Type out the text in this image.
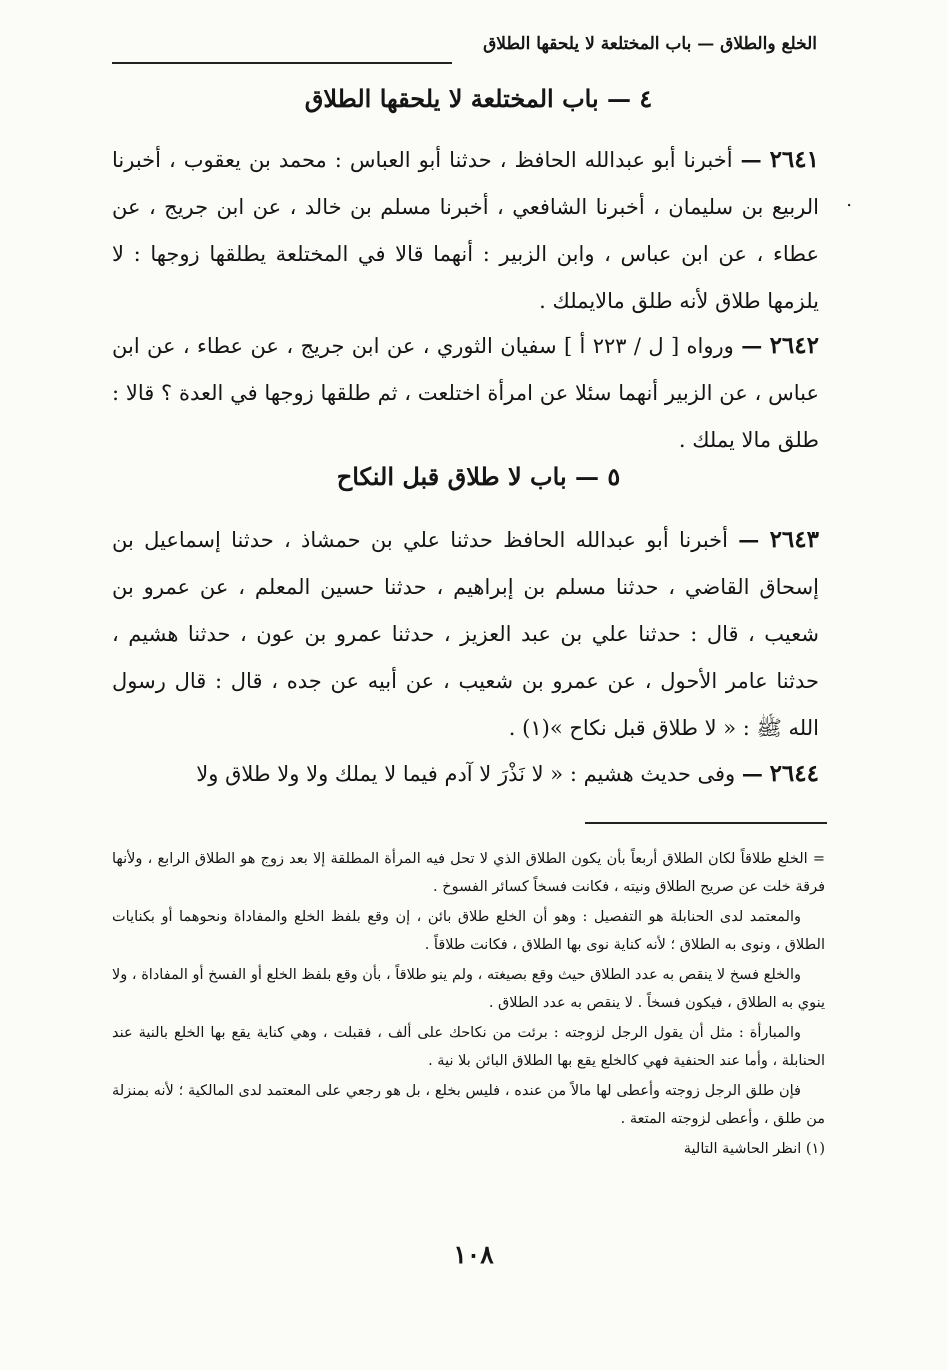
الخلع والطلاق — باب المختلعة لا يلحقها الطلاق
.
٤ — باب المختلعة لا يلحقها الطلاق
٢٦٤١ — أخبرنا أبو عبدالله الحافظ ، حدثنا أبو العباس : محمد بن يعقوب ، أخبرنا الربيع بن سليمان ، أخبرنا الشافعي ، أخبرنا مسلم بن خالد ، عن ابن جريج ، عن عطاء ، عن ابن عباس ، وابن الزبير : أنهما قالا في المختلعة يطلقها زوجها : لا يلزمها طلاق لأنه طلق مالايملك .
٢٦٤٢ — ورواه [ ل / ٢٢٣ أ ] سفيان الثوري ، عن ابن جريج ، عن عطاء ، عن ابن عباس ، عن الزبير أنهما سئلا عن امرأة اختلعت ، ثم طلقها زوجها في العدة ؟ قالا : طلق مالا يملك .
٥ — باب لا طلاق قبل النكاح
٢٦٤٣ — أخبرنا أبو عبدالله الحافظ حدثنا علي بن حمشاذ ، حدثنا إسماعيل بن إسحاق القاضي ، حدثنا مسلم بن إبراهيم ، حدثنا حسين المعلم ، عن عمرو بن شعيب ، قال : حدثنا علي بن عبد العزيز ، حدثنا عمرو بن عون ، حدثنا هشيم ، حدثنا عامر الأحول ، عن عمرو بن شعيب ، عن أبيه عن جده ، قال : قال رسول الله ﷺ : « لا طلاق قبل نكاح »(١) .
٢٦٤٤ — وفى حديث هشيم : « لا نَذْرَ لا آدم فيما لا يملك ولا ولا طلاق ولا

= الخلع طلاقاً لكان الطلاق أربعاً بأن يكون الطلاق الذي لا تحل فيه المرأة المطلقة إلا بعد زوج هو الطلاق الرابع ، ولأنها فرقة خلت عن صريح الطلاق ونيته ، فكانت فسخاً كسائر الفسوخ .

والمعتمد لدى الحنابلة هو التفصيل : وهو أن الخلع طلاق بائن ، إن وقع بلفظ الخلع والمفاداة ونحوهما أو بكنايات الطلاق ، ونوى به الطلاق ؛ لأنه كناية نوى بها الطلاق ، فكانت طلاقاً .

والخلع فسخ لا ينقص به عدد الطلاق حيث وقع بصيغته ، ولم ينو طلاقاً ، بأن وقع بلفظ الخلع أو الفسخ أو المفاداة ، ولا ينوي به الطلاق ، فيكون فسخاً . لا ينقص به عدد الطلاق .

والمبارأة : مثل أن يقول الرجل لزوجته : برئت من نكاحك على ألف ، فقبلت ، وهي كناية يقع بها الخلع بالنية عند الحنابلة ، وأما عند الحنفية فهي كالخلع يقع بها الطلاق البائن بلا نية .

فإن طلق الرجل زوجته وأعطى لها مالاً من عنده ، فليس بخلع ، بل هو رجعي على المعتمد لدى المالكية ؛ لأنه بمنزلة من طلق ، وأعطى لزوجته المتعة .

(١) انظر الحاشية التالية

١٠٨
